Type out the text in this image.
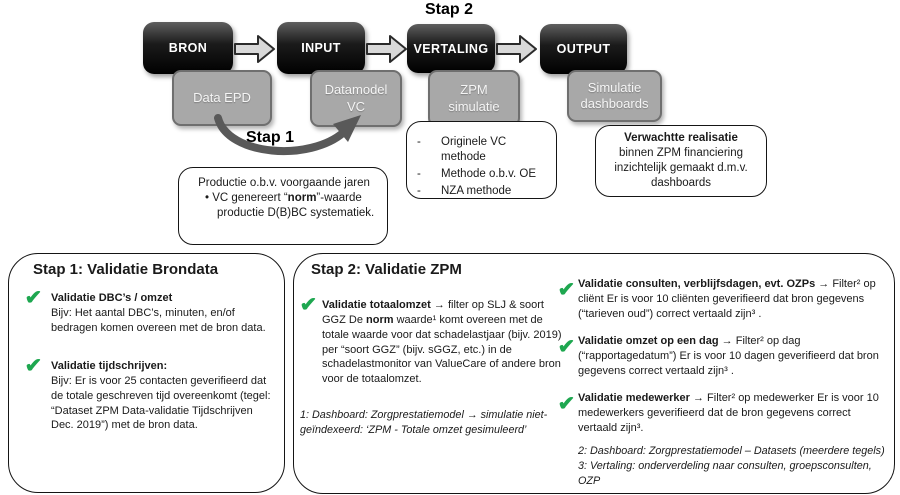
Stap 2
Stap 1
BRON	INPUT	VERTALING	OUTPUT
Data EPD
Datamodel VC
ZPM simulatie
Simulatie dashboards
-	Originele VC methode
-	Methode o.b.v. OE
-	NZA methode
Verwachtte realisatie binnen ZPM financiering inzichtelijk gemaakt d.m.v. dashboards
Productie o.b.v. voorgaande jaren
• VC genereert “norm”-waarde productie D(B)BC systematiek.
Stap 1: Validatie Brondata
✔ Validatie DBC’s / omzet
Bijv: Het aantal DBC’s, minuten, en/of bedragen komen overeen met de bron data.
✔ Validatie tijdschrijven:
Bijv: Er is voor 25 contacten geverifieerd dat de totale geschreven tijd overeenkomt (tegel: “Dataset ZPM Data-validatie Tijdschrijven Dec. 2019”) met de bron data.
Stap 2: Validatie ZPM
✔ Validatie totaalomzet → filter op SLJ & soort GGZ De norm waarde¹ komt overeen met de totale waarde voor dat schadelastjaar (bijv. 2019) per “soort GGZ” (bijv. sGGZ, etc.) in de schadelastmonitor van ValueCare of andere bron voor de totaalomzet.
1: Dashboard: Zorgprestatiemodel → simulatie niet-geïndexeerd: ‘ZPM - Totale omzet gesimuleerd’
✔ Validatie consulten, verblijfsdagen, evt. OZPs → Filter² op cliënt Er is voor 10 cliënten geverifieerd dat bron gegevens (“tarieven oud”) correct vertaald zijn³ .
✔ Validatie omzet op een dag → Filter² op dag (“rapportagedatum”) Er is voor 10 dagen geverifieerd dat bron gegevens correct vertaald zijn³ .
✔ Validatie medewerker → Filter² op medewerker Er is voor 10 medewerkers geverifieerd dat de bron gegevens correct vertaald zijn³.
2: Dashboard: Zorgprestatiemodel – Datasets (meerdere tegels)
3: Vertaling: onderverdeling naar consulten, groepsconsulten, OZP
